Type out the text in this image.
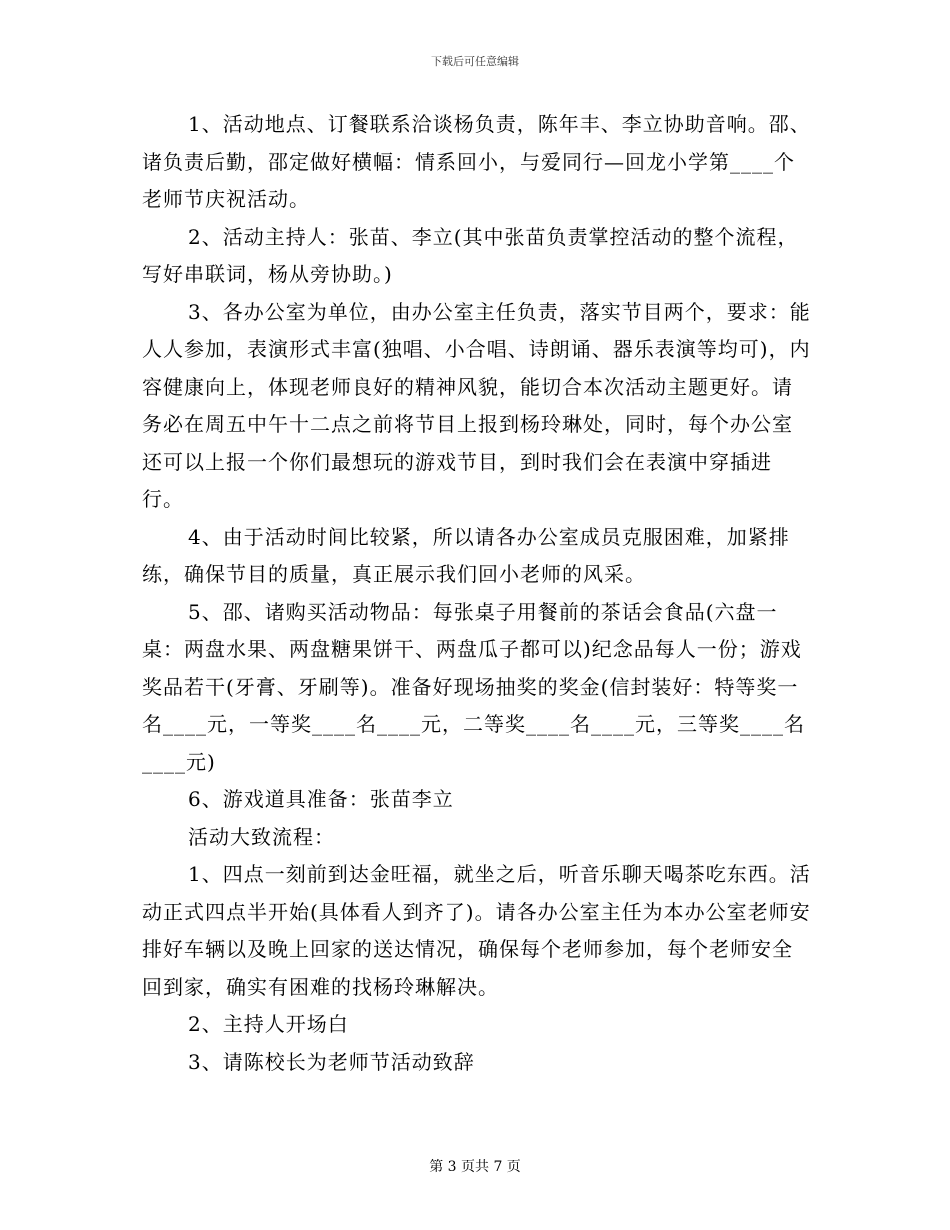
下载后可任意编辑

1、活动地点、订餐联系洽谈杨负责，陈年丰、李立协助音响。邵、诸负责后勤，邵定做好横幅：情系回小，与爱同行—回龙小学第____个老师节庆祝活动。

2、活动主持人：张苗、李立(其中张苗负责掌控活动的整个流程，写好串联词，杨从旁协助。)

3、各办公室为单位，由办公室主任负责，落实节目两个，要求：能人人参加，表演形式丰富(独唱、小合唱、诗朗诵、器乐表演等均可)，内容健康向上，体现老师良好的精神风貌，能切合本次活动主题更好。请务必在周五中午十二点之前将节目上报到杨玲琳处，同时，每个办公室还可以上报一个你们最想玩的游戏节目，到时我们会在表演中穿插进行。

4、由于活动时间比较紧，所以请各办公室成员克服困难，加紧排练，确保节目的质量，真正展示我们回小老师的风采。

5、邵、诸购买活动物品：每张桌子用餐前的茶话会食品(六盘一桌：两盘水果、两盘糖果饼干、两盘瓜子都可以)纪念品每人一份；游戏奖品若干(牙膏、牙刷等)。准备好现场抽奖的奖金(信封装好：特等奖一名____元，一等奖____名____元，二等奖____名____元，三等奖____名____元)

6、游戏道具准备：张苗李立

活动大致流程：

1、四点一刻前到达金旺福，就坐之后，听音乐聊天喝茶吃东西。活动正式四点半开始(具体看人到齐了)。请各办公室主任为本办公室老师安排好车辆以及晚上回家的送达情况，确保每个老师参加，每个老师安全回到家，确实有困难的找杨玲琳解决。

2、主持人开场白

3、请陈校长为老师节活动致辞

第 3 页共 7 页
